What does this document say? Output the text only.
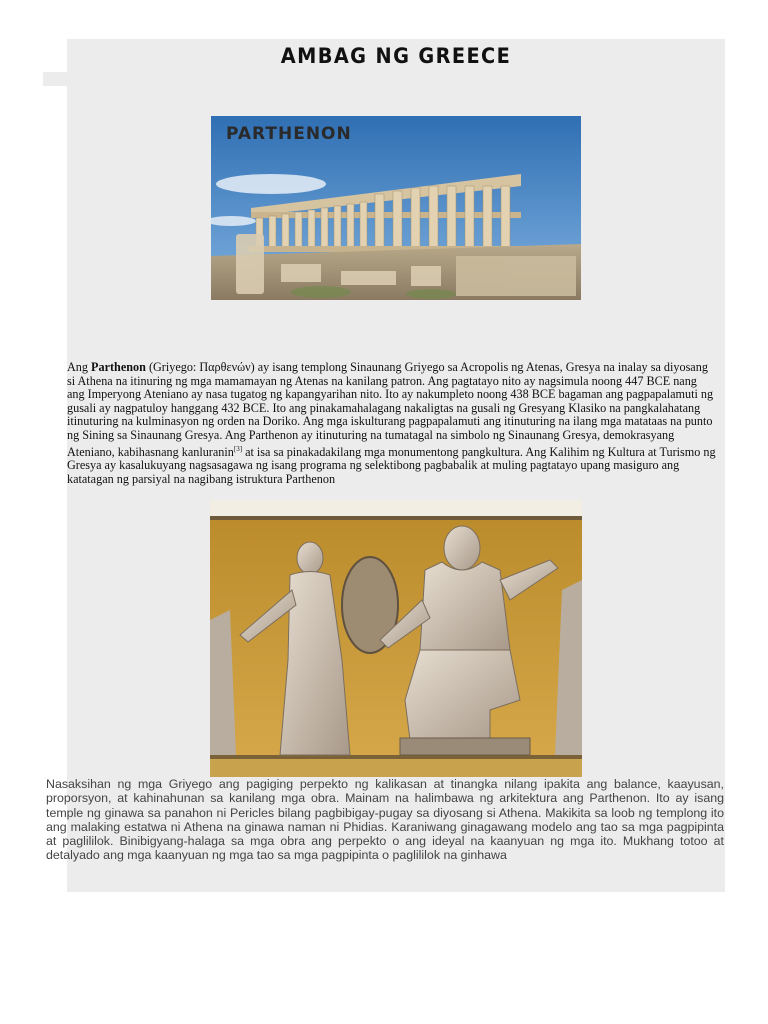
AMBAG NG GREECE
PARTHENON
Ang Parthenon (Griyego: Παρθενών) ay isang templong Sinaunang Griyego sa Acropolis ng Atenas, Gresya na inalay sa diyosang si Athena na itinuring ng mga mamamayan ng Atenas na kanilang patron. Ang pagtatayo nito ay nagsimula noong 447 BCE nang ang Imperyong Ateniano ay nasa tugatog ng kapangyarihan nito. Ito ay nakumpleto noong 438 BCE bagaman ang pagpapalamuti ng gusali ay nagpatuloy hanggang 432 BCE. Ito ang pinakamahalagang nakaligtas na gusali ng Gresyang Klasiko na pangkalahatang itinuturing na kulminasyon ng orden na Doriko. Ang mga iskulturang pagpapalamuti ang itinuturing na ilang mga matataas na punto ng Sining sa Sinaunang Gresya. Ang Parthenon ay itinuturing na tumatagal na simbolo ng Sinaunang Gresya, demokrasyang Ateniano, kabihasnang kanluranin[3] at isa sa pinakadakilang mga monumentong pangkultura. Ang Kalihim ng Kultura at Turismo ng Gresya ay kasalukuyang nagsasagawa ng isang programa ng selektibong pagbabalik at muling pagtatayo upang masiguro ang katatagan ng parsiyal na nagibang istruktura Parthenon
Nasaksihan ng mga Griyego ang pagiging perpekto ng kalikasan at tinangka nilang ipakita ang balance, kaayusan, proporsyon, at kahinahunan sa kanilang mga obra. Mainam na halimbawa ng arkitektura ang Parthenon. Ito ay isang temple ng ginawa sa panahon ni Pericles bilang pagbibigay-pugay sa diyosang si Athena. Makikita sa loob ng templong ito ang malaking estatwa ni Athena na ginawa naman ni Phidias. Karaniwang ginagawang modelo ang tao sa mga pagpipinta at paglililok. Binibigyang-halaga sa mga obra ang perpekto o ang ideyal na kaanyuan ng mga ito. Mukhang totoo at detalyado ang mga kaanyuan ng mga tao sa mga pagpipinta o paglililok na ginhawa
